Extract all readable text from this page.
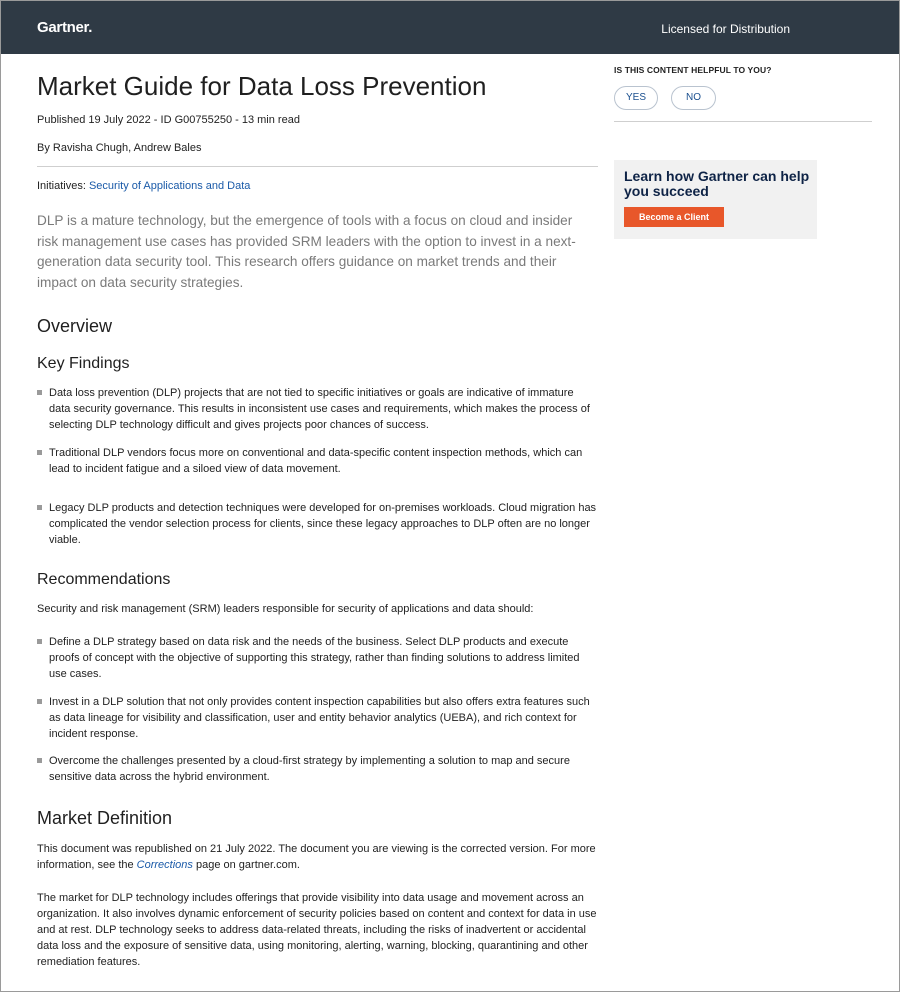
Gartner.	Licensed for Distribution
Market Guide for Data Loss Prevention
Published 19 July 2022 - ID G00755250 - 13 min read
By Ravisha Chugh, Andrew Bales
Initiatives: Security of Applications and Data

DLP is a mature technology, but the emergence of tools with a focus on cloud and insider risk management use cases has provided SRM leaders with the option to invest in a next-generation data security tool. This research offers guidance on market trends and their impact on data security strategies.

Overview
Key Findings
Data loss prevention (DLP) projects that are not tied to specific initiatives or goals are indicative of immature data security governance. This results in inconsistent use cases and requirements, which makes the process of selecting DLP technology difficult and gives projects poor chances of success.
Traditional DLP vendors focus more on conventional and data-specific content inspection methods, which can lead to incident fatigue and a siloed view of data movement.
Legacy DLP products and detection techniques were developed for on-premises workloads. Cloud migration has complicated the vendor selection process for clients, since these legacy approaches to DLP often are no longer viable.
Recommendations

Security and risk management (SRM) leaders responsible for security of applications and data should:

Define a DLP strategy based on data risk and the needs of the business. Select DLP products and execute proofs of concept with the objective of supporting this strategy, rather than finding solutions to address limited use cases.
Invest in a DLP solution that not only provides content inspection capabilities but also offers extra features such as data lineage for visibility and classification, user and entity behavior analytics (UEBA), and rich context for incident response.
Overcome the challenges presented by a cloud-first strategy by implementing a solution to map and secure sensitive data across the hybrid environment.
Market Definition

This document was republished on 21 July 2022. The document you are viewing is the corrected version. For more information, see the Corrections page on gartner.com.

The market for DLP technology includes offerings that provide visibility into data usage and movement across an organization. It also involves dynamic enforcement of security policies based on content and context for data in use and at rest. DLP technology seeks to address data-related threats, including the risks of inadvertent or accidental data loss and the exposure of sensitive data, using monitoring, alerting, warning, blocking, quarantining and other remediation features.

IS THIS CONTENT HELPFUL TO YOU?
YES	NO
Learn how Gartner can help you succeed
Become a Client
